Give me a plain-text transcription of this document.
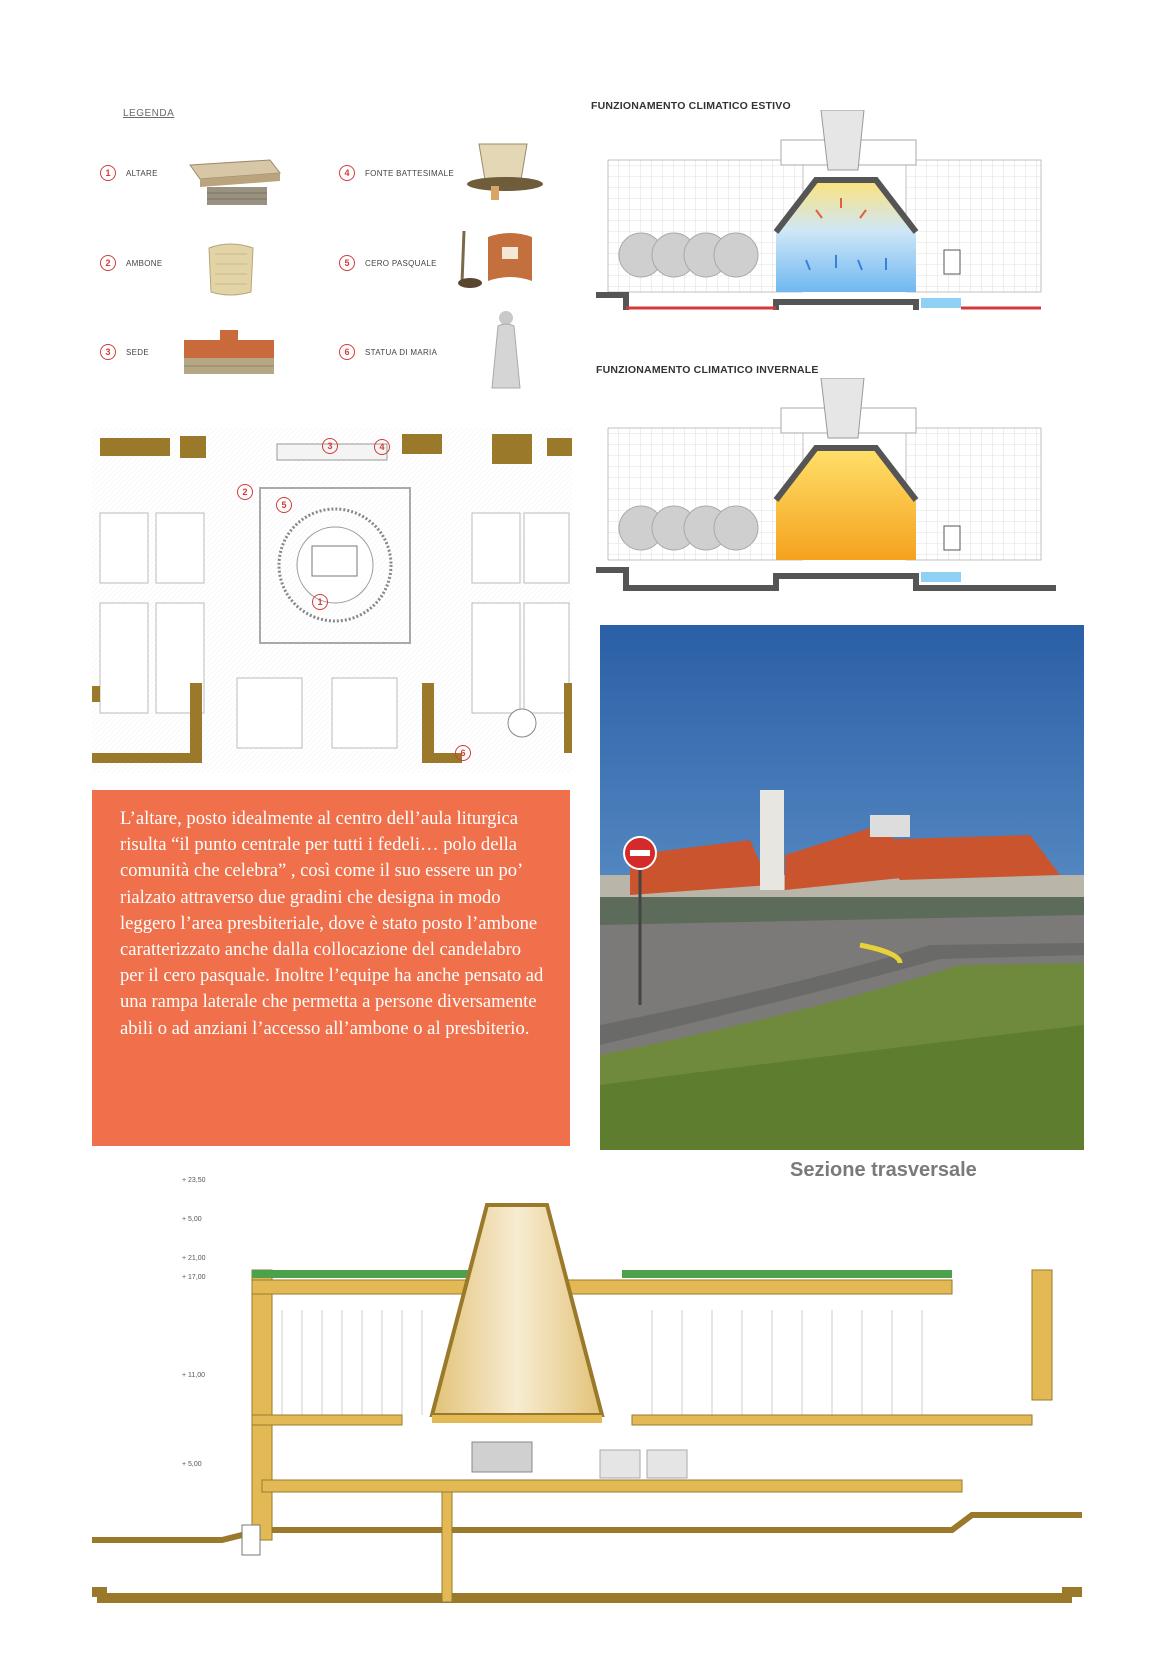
LEGENDA
1	ALTARE
2	AMBONE
3	SEDE
4	FONTE BATTESIMALE
5	CERO PASQUALE
6	STATUA DI MARIA
FUNZIONAMENTO CLIMATICO ESTIVO
FUNZIONAMENTO CLIMATICO INVERNALE
3	4
2
5
1
6

L’altare, posto idealmente al centro dell’aula liturgica risulta “il punto centrale per tutti i fedeli… polo della comunità che celebra” , così come il suo essere un po’ rialzato attraverso due gradini che designa in modo leggero l’area presbiteriale, dove è stato posto l’ambone caratterizzato anche dalla collocazione del candelabro per il cero pasquale. Inoltre l’equipe ha anche pensato ad una rampa laterale che permetta a persone diversamente abili o ad anziani l’accesso all’ambone o al presbiterio.

Sezione trasversale
+ 23,50
+ 5,00
+ 21,00
+ 17,00
+ 11,00
+ 5,00
